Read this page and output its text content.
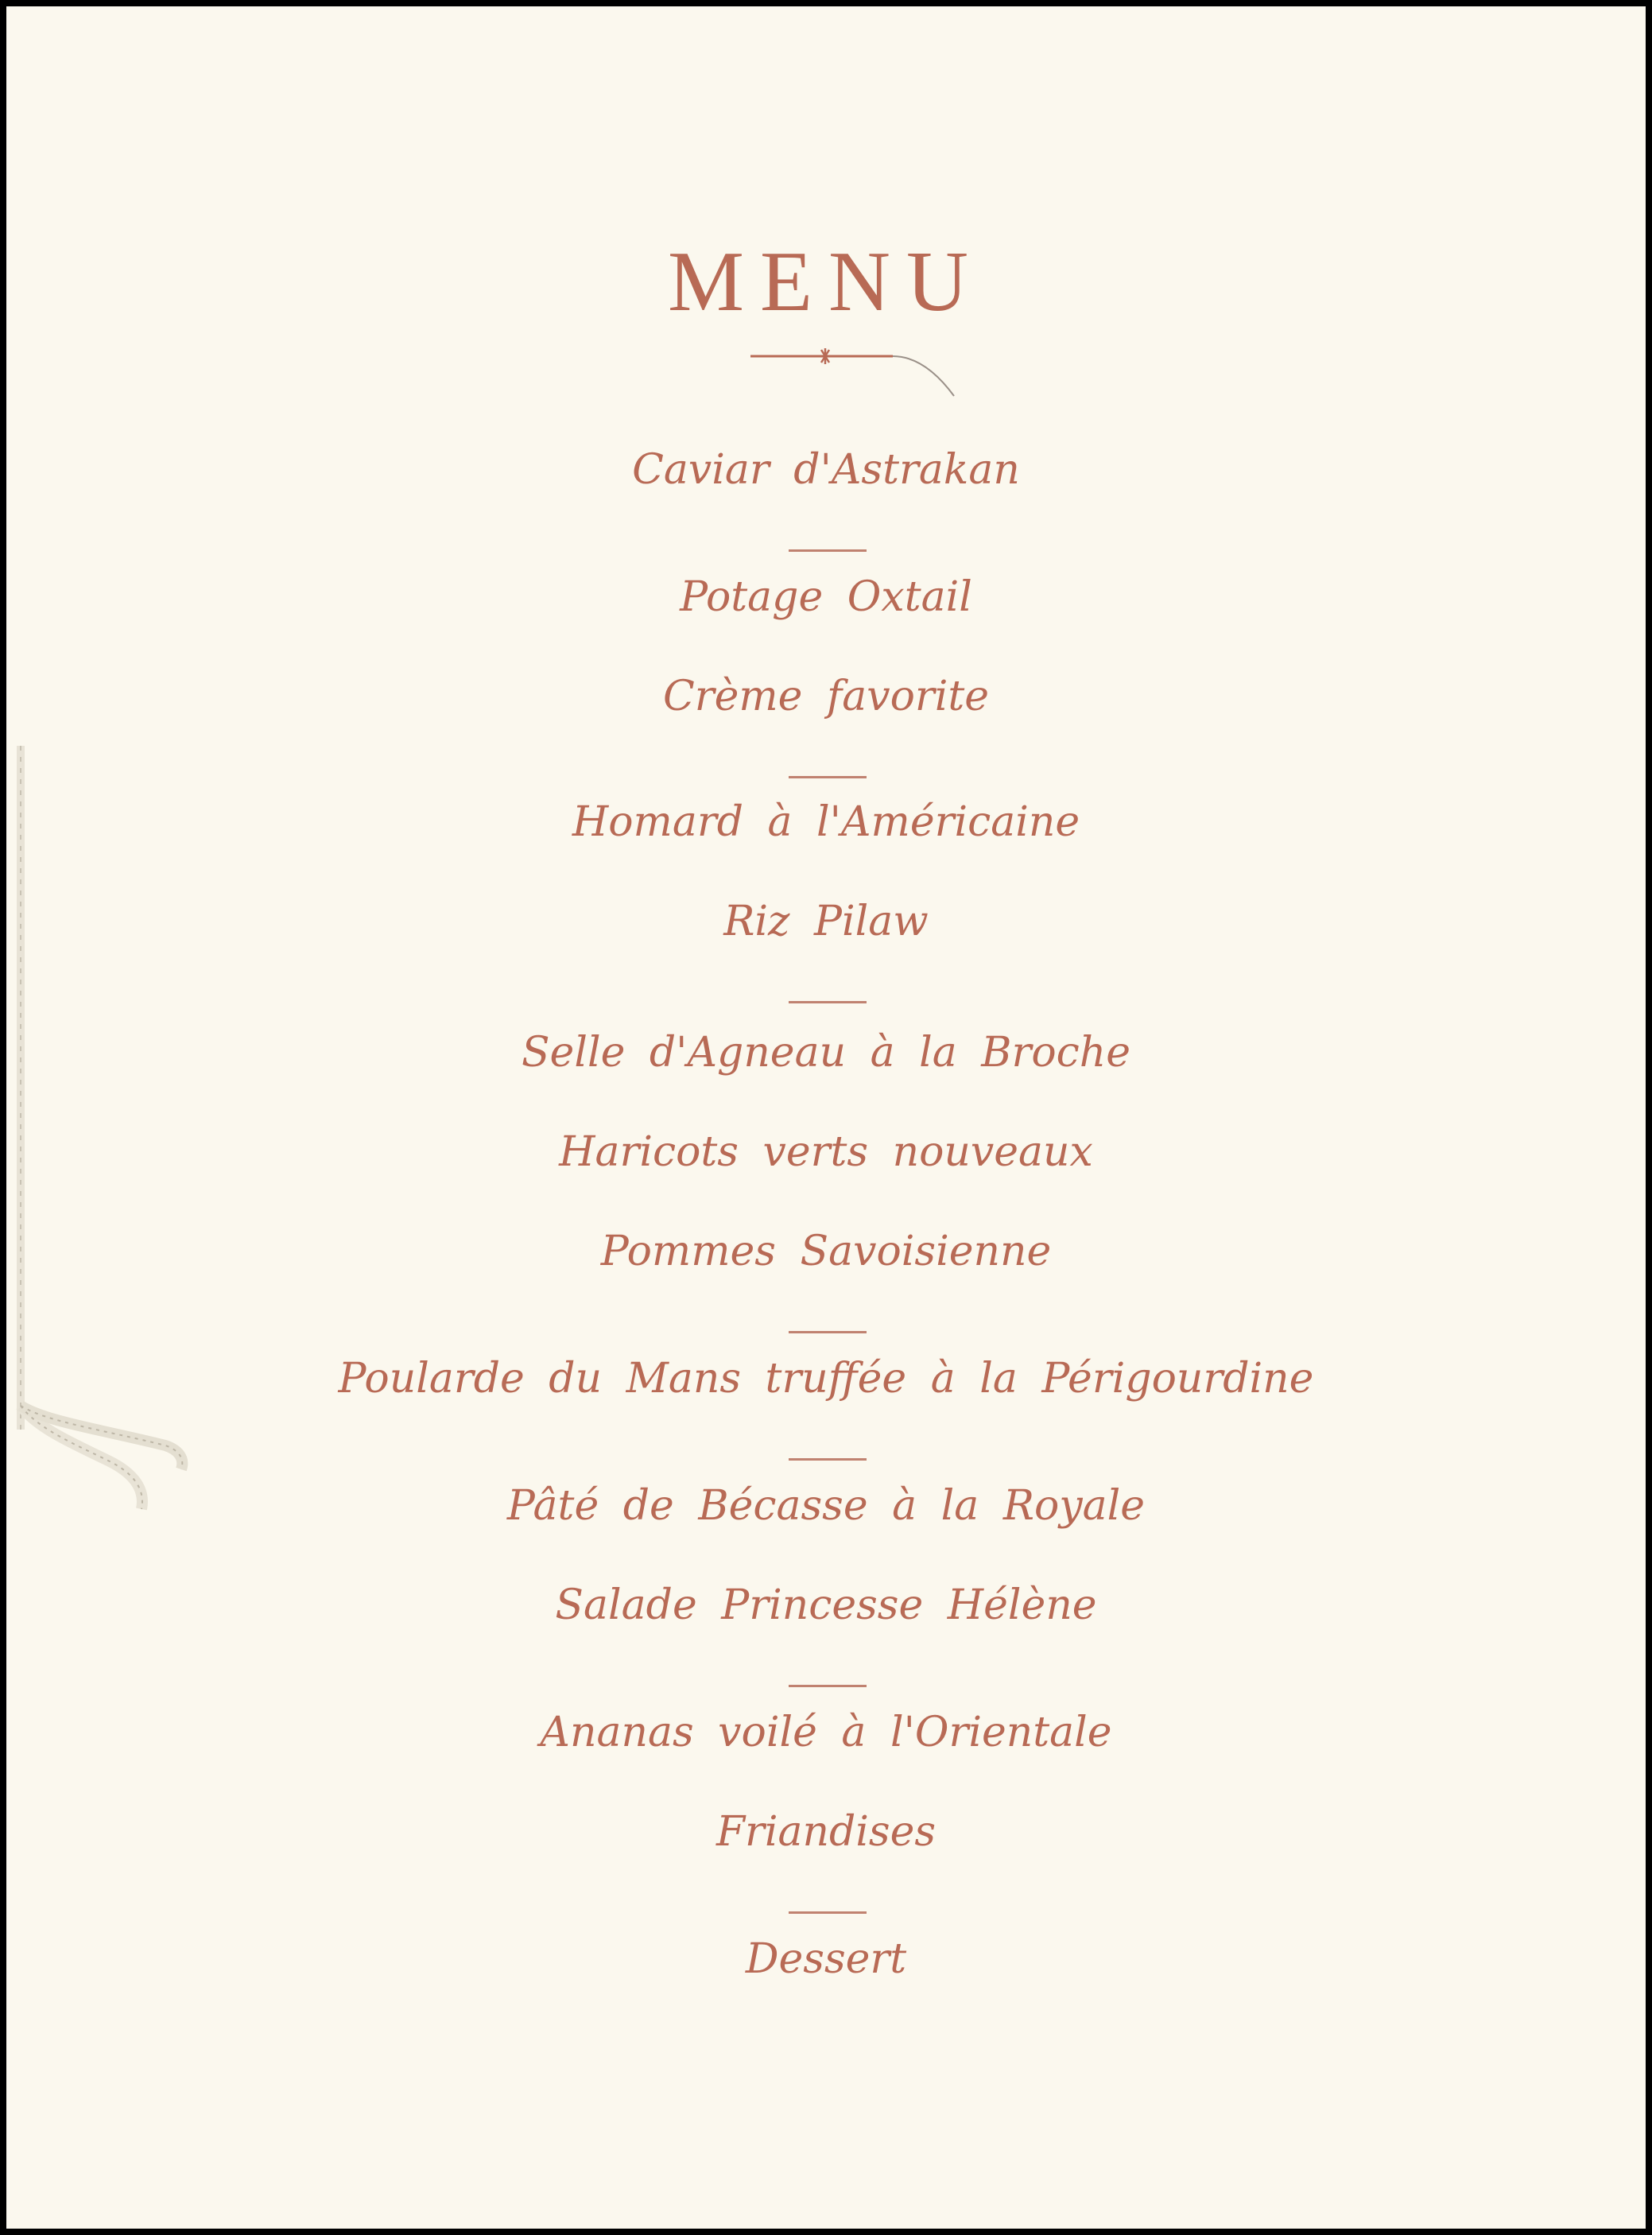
MENU
Caviar d'Astrakan
Potage Oxtail
Crème favorite
Homard à l'Américaine
Riz Pilaw
Selle d'Agneau à la Broche
Haricots verts nouveaux
Pommes Savoisienne
Poularde du Mans truffée à la Périgourdine
Pâté de Bécasse à la Royale
Salade Princesse Hélène
Ananas voilé à l'Orientale
Friandises
Dessert
